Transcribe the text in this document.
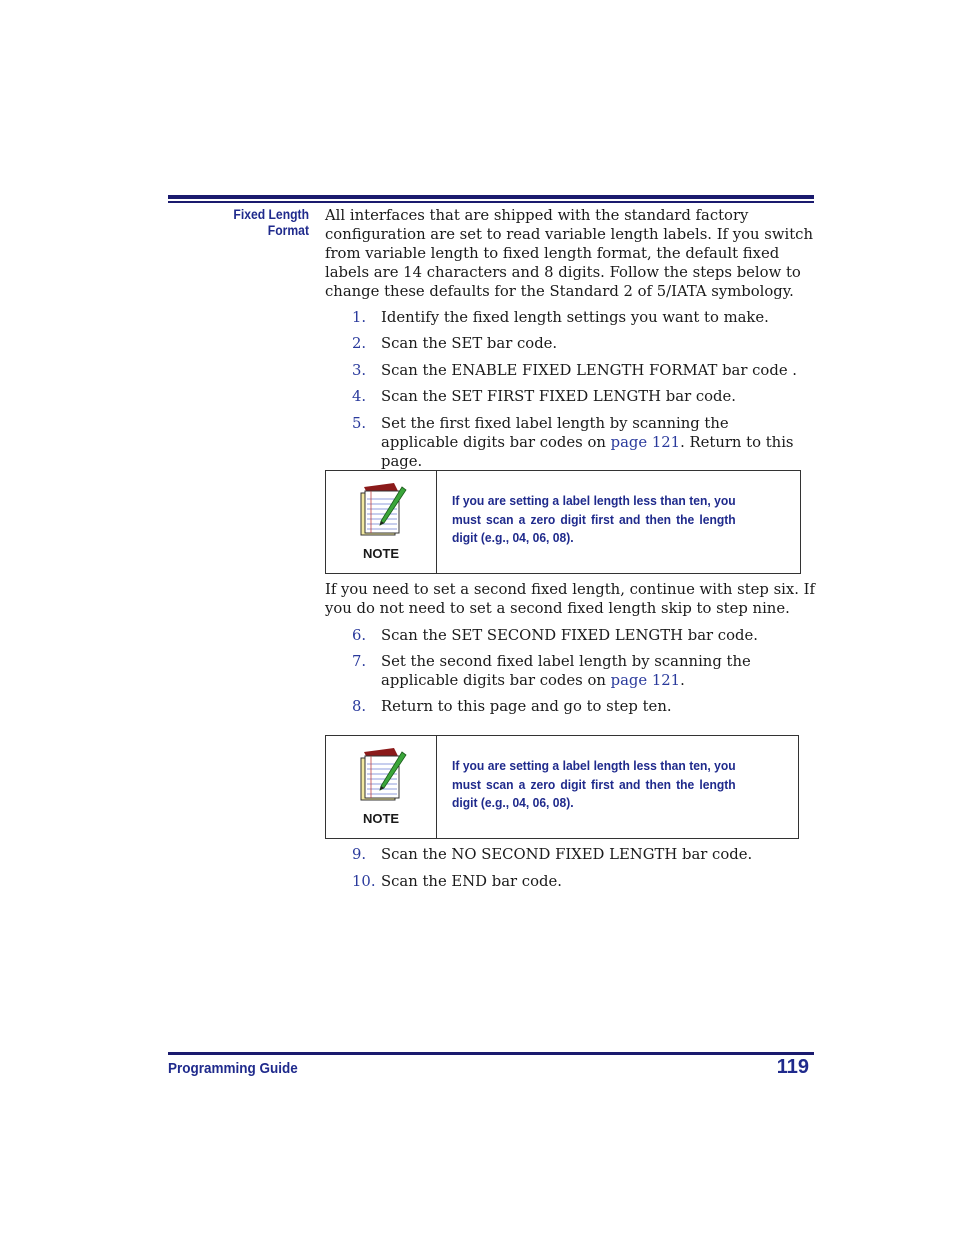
Fixed Length
Format
All interfaces that are shipped with the standard factory configuration are set to read variable length labels. If you switch from variable length to fixed length format, the default fixed labels are 14 characters and 8 digits. Follow the steps below to change these defaults for the Standard 2 of 5/IATA symbology.
1. Identify the fixed length settings you want to make.
2. Scan the SET bar code.
3. Scan the ENABLE FIXED LENGTH FORMAT bar code .
4. Scan the SET FIRST FIXED LENGTH bar code.
5. Set the first fixed label length by scanning the applicable digits bar codes on page 121. Return to this page.
NOTE
If you are setting a label length less than ten, you must scan a zero digit first and then the length digit (e.g., 04, 06, 08).
If you need to set a second fixed length, continue with step six. If you do not need to set a second fixed length skip to step nine.
6. Scan the SET SECOND FIXED LENGTH bar code.
7. Set the second fixed label length by scanning the applicable digits bar codes on page 121.
8. Return to this page and go to step ten.
NOTE
If you are setting a label length less than ten, you must scan a zero digit first and then the length digit (e.g., 04, 06, 08).
9. Scan the NO SECOND FIXED LENGTH bar code.
10. Scan the END bar code.
Programming Guide	119
